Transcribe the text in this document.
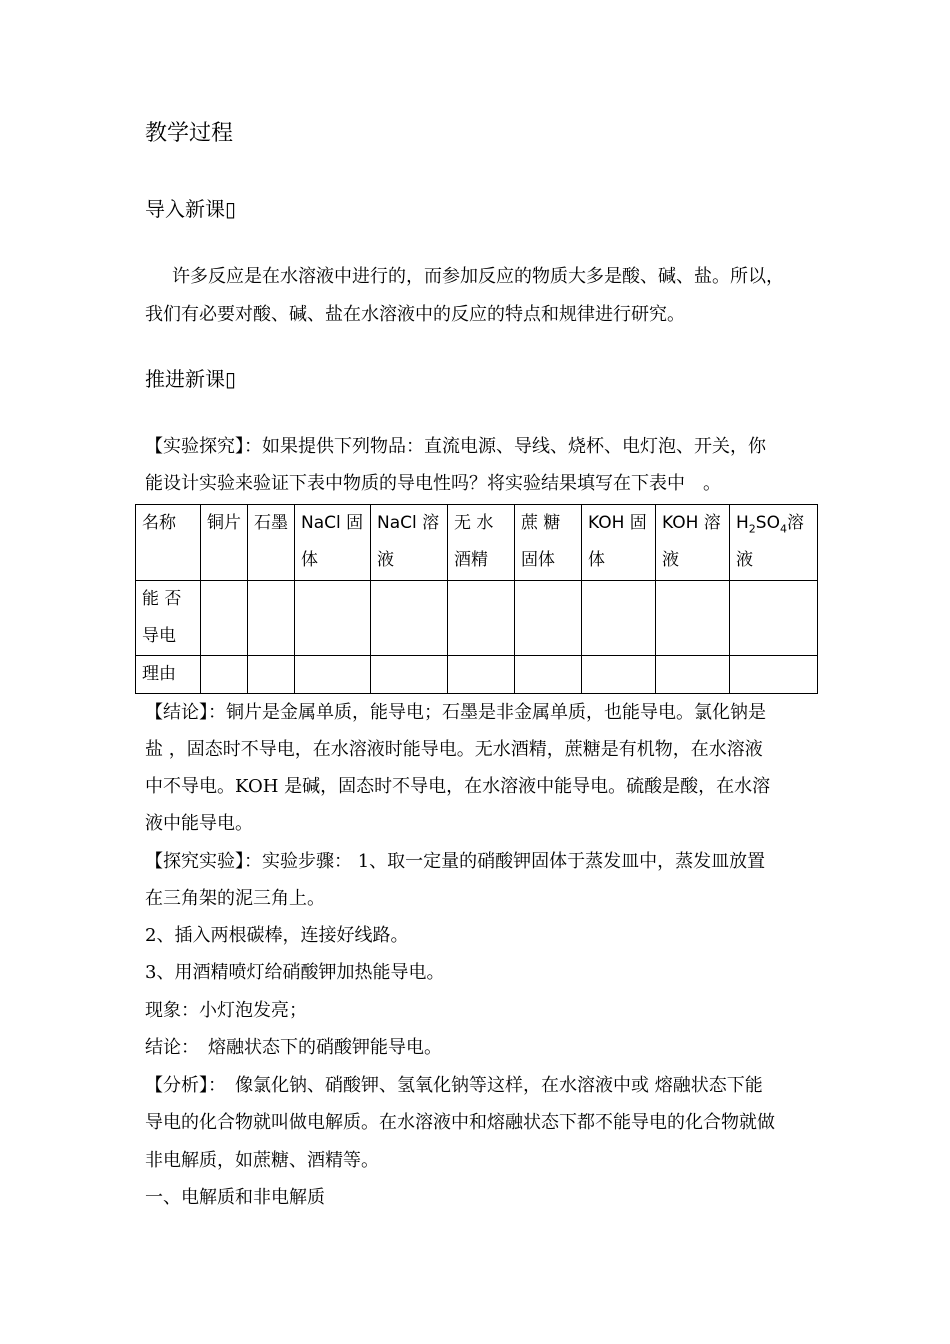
教学过程
导入新课▯
许多反应是在水溶液中进行的，而参加反应的物质大多是酸、碱、盐。所以，
我们有必要对酸、碱、盐在水溶液中的反应的特点和规律进行研究。
推进新课▯
【实验探究】：如果提供下列物品：直流电源、导线、烧杯、电灯泡、开关，你
能设计实验来验证下表中物质的导电性吗？将实验结果填写在下表中　。
名称	铜片	石墨	NaCl 固体	NaCl 溶液	无 水 酒精	蔗 糖 固体	KOH 固体	KOH 溶液	$H_2SO_4$溶液
能 否 导电									
理由									
【结论】：铜片是金属单质，能导电；石墨是非金属单质，也能导电。氯化钠是
盐 ，固态时不导电，在水溶液时能导电。无水酒精，蔗糖是有机物，在水溶液
中不导电。KOH 是碱，固态时不导电，在水溶液中能导电。硫酸是酸，在水溶
液中能导电。
【探究实验】：实验步骤： 1、取一定量的硝酸钾固体于蒸发皿中，蒸发皿放置
在三角架的泥三角上。
2、插入两根碳棒，连接好线路。
3、用酒精喷灯给硝酸钾加热能导电。
现象：小灯泡发亮；
结论：　熔融状态下的硝酸钾能导电。
【分析】：　像氯化钠、硝酸钾、氢氧化钠等这样，在水溶液中或 熔融状态下能
导电的化合物就叫做电解质。在水溶液中和熔融状态下都不能导电的化合物就做
非电解质，如蔗糖、酒精等。
一、电解质和非电解质
